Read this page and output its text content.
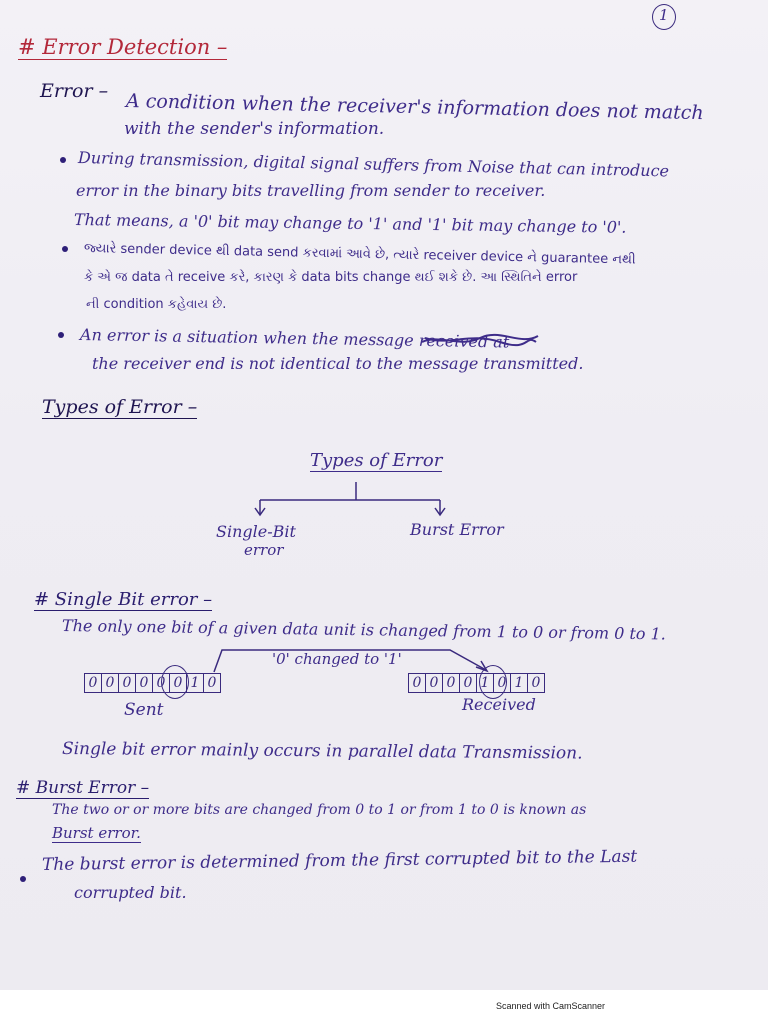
1
# Error Detection –
Error – A condition when the receiver's information does not match
with the sender's information.
During transmission, digital signal suffers from Noise that can introduce
error in the binary bits travelling from sender to receiver.
That means, a '0' bit may change to '1' and '1' bit may change to '0'.
જ્યારે sender device થી data send કરવામાં આવે છે, ત્યારે receiver device ને guarantee નથી
કે એ જ data તે receive કરે, કારણ કે data bits change થઈ શકે છે. આ સ્થિતિને error
ની condition કહેવાય છે.
An error is a situation when the message received at
the receiver end is not identical to the message transmitted.
Types of Error –
Types of Error
Single-Bit
error
Burst Error
# Single Bit error –
The only one bit of a given data unit is changed from 1 to 0 or from 0 to 1.
'0' changed to '1'
0 0 0 0 0 0 1 0
Sent
0 0 0 0 1 0 1 0
Received
Single bit error mainly occurs in parallel data Transmission.
# Burst Error –
The two or or more bits are changed from 0 to 1 or from 1 to 0 is known as
Burst error.
The burst error is determined from the first corrupted bit to the Last
corrupted bit.
Scanned with CamScanner
